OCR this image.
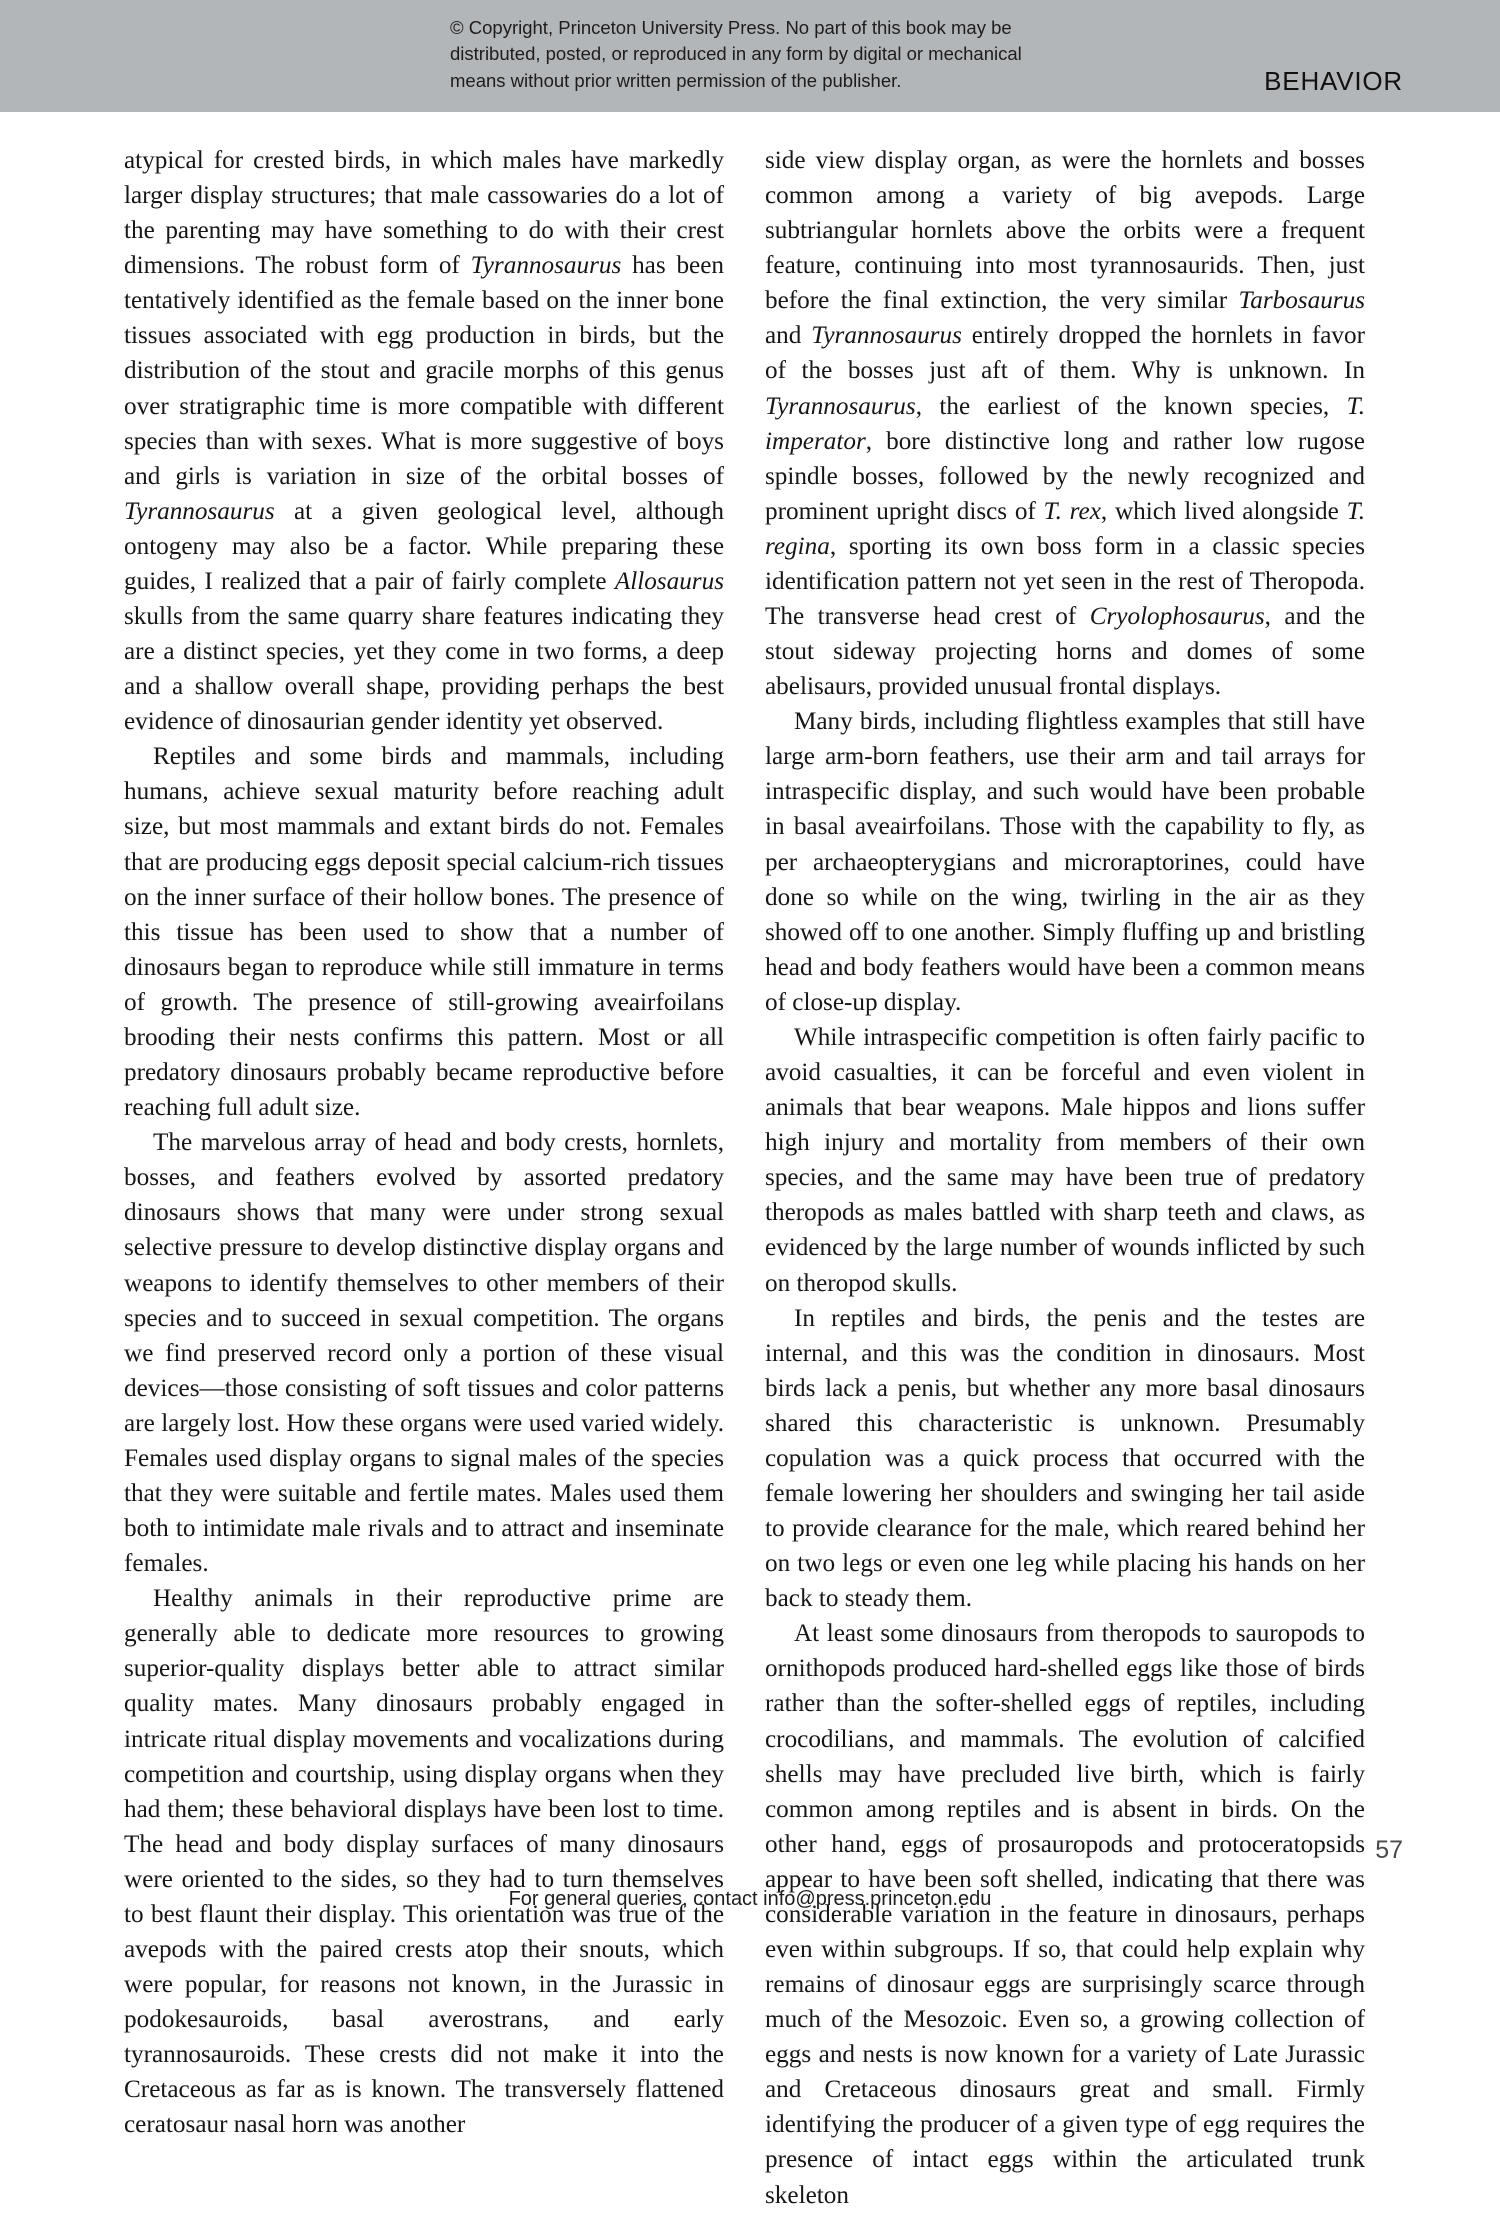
© Copyright, Princeton University Press. No part of this book may be
distributed, posted, or reproduced in any form by digital or mechanical
means without prior written permission of the publisher.	BEHAVIOR

atypical for crested birds, in which males have markedly larger display structures; that male cassowaries do a lot of the parenting may have something to do with their crest dimensions. The robust form of Tyrannosaurus has been tentatively identified as the female based on the inner bone tissues associated with egg production in birds, but the distribution of the stout and gracile morphs of this genus over stratigraphic time is more compatible with different species than with sexes. What is more suggestive of boys and girls is variation in size of the orbital bosses of Tyrannosaurus at a given geological level, although ontogeny may also be a factor. While preparing these guides, I realized that a pair of fairly complete Allosaurus skulls from the same quarry share features indicating they are a distinct species, yet they come in two forms, a deep and a shallow overall shape, providing perhaps the best evidence of dinosaurian gender identity yet observed.

Reptiles and some birds and mammals, including humans, achieve sexual maturity before reaching adult size, but most mammals and extant birds do not. Females that are producing eggs deposit special calcium-rich tissues on the inner surface of their hollow bones. The presence of this tissue has been used to show that a number of dinosaurs began to reproduce while still immature in terms of growth. The presence of still-growing aveairfoilans brooding their nests confirms this pattern. Most or all predatory dinosaurs probably became reproductive before reaching full adult size.

The marvelous array of head and body crests, hornlets, bosses, and feathers evolved by assorted predatory dinosaurs shows that many were under strong sexual selective pressure to develop distinctive display organs and weapons to identify themselves to other members of their species and to succeed in sexual competition. The organs we find preserved record only a portion of these visual devices—those consisting of soft tissues and color patterns are largely lost. How these organs were used varied widely. Females used display organs to signal males of the species that they were suitable and fertile mates. Males used them both to intimidate male rivals and to attract and inseminate females.

Healthy animals in their reproductive prime are generally able to dedicate more resources to growing superior-quality displays better able to attract similar quality mates. Many dinosaurs probably engaged in intricate ritual display movements and vocalizations during competition and courtship, using display organs when they had them; these behavioral displays have been lost to time. The head and body display surfaces of many dinosaurs were oriented to the sides, so they had to turn themselves to best flaunt their display. This orientation was true of the avepods with the paired crests atop their snouts, which were popular, for reasons not known, in the Jurassic in podokesauroids, basal averostrans, and early tyrannosauroids. These crests did not make it into the Cretaceous as far as is known. The transversely flattened ceratosaur nasal horn was another

side view display organ, as were the hornlets and bosses common among a variety of big avepods. Large subtriangular hornlets above the orbits were a frequent feature, continuing into most tyrannosaurids. Then, just before the final extinction, the very similar Tarbosaurus and Tyrannosaurus entirely dropped the hornlets in favor of the bosses just aft of them. Why is unknown. In Tyrannosaurus, the earliest of the known species, T. imperator, bore distinctive long and rather low rugose spindle bosses, followed by the newly recognized and prominent upright discs of T. rex, which lived alongside T. regina, sporting its own boss form in a classic species identification pattern not yet seen in the rest of Theropoda. The transverse head crest of Cryolophosaurus, and the stout sideway projecting horns and domes of some abelisaurs, provided unusual frontal displays.

Many birds, including flightless examples that still have large arm-born feathers, use their arm and tail arrays for intraspecific display, and such would have been probable in basal aveairfoilans. Those with the capability to fly, as per archaeopterygians and microraptorines, could have done so while on the wing, twirling in the air as they showed off to one another. Simply fluffing up and bristling head and body feathers would have been a common means of close-up display.

While intraspecific competition is often fairly pacific to avoid casualties, it can be forceful and even violent in animals that bear weapons. Male hippos and lions suffer high injury and mortality from members of their own species, and the same may have been true of predatory theropods as males battled with sharp teeth and claws, as evidenced by the large number of wounds inflicted by such on theropod skulls.

In reptiles and birds, the penis and the testes are internal, and this was the condition in dinosaurs. Most birds lack a penis, but whether any more basal dinosaurs shared this characteristic is unknown. Presumably copulation was a quick process that occurred with the female lowering her shoulders and swinging her tail aside to provide clearance for the male, which reared behind her on two legs or even one leg while placing his hands on her back to steady them.

At least some dinosaurs from theropods to sauropods to ornithopods produced hard-shelled eggs like those of birds rather than the softer-shelled eggs of reptiles, including crocodilians, and mammals. The evolution of calcified shells may have precluded live birth, which is fairly common among reptiles and is absent in birds. On the other hand, eggs of prosauropods and protoceratopsids appear to have been soft shelled, indicating that there was considerable variation in the feature in dinosaurs, perhaps even within subgroups. If so, that could help explain why remains of dinosaur eggs are surprisingly scarce through much of the Mesozoic. Even so, a growing collection of eggs and nests is now known for a variety of Late Jurassic and Cretaceous dinosaurs great and small. Firmly identifying the producer of a given type of egg requires the presence of intact eggs within the articulated trunk skeleton

57
For general queries, contact info@press.princeton.edu
